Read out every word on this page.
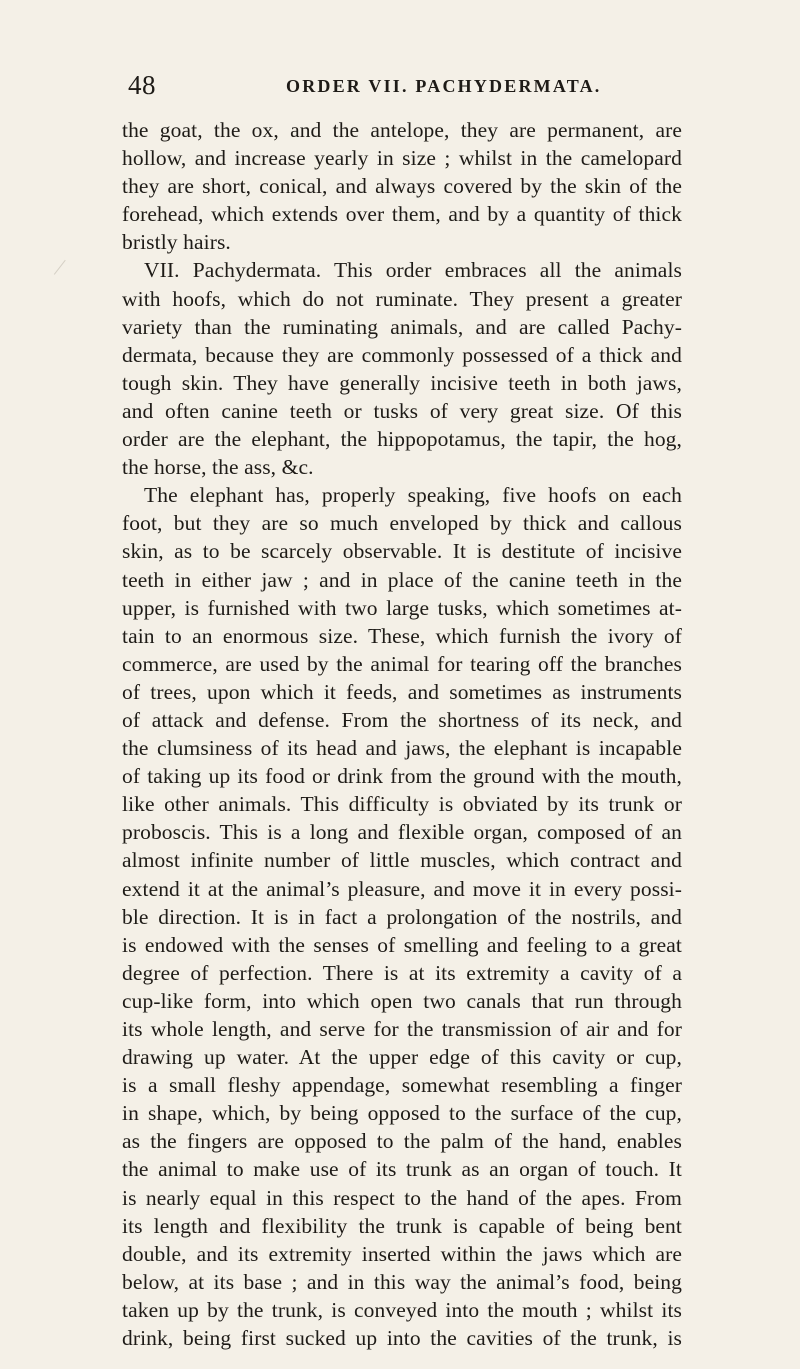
48	ORDER VII. PACHYDERMATA.
the goat, the ox, and the antelope, they are permanent, are
hollow, and increase yearly in size ; whilst in the camelopard
they are short, conical, and always covered by the skin of the
forehead, which extends over them, and by a quantity of thick
bristly hairs.
VII. Pachydermata. This order embraces all the animals
with hoofs, which do not ruminate. They present a greater
variety than the ruminating animals, and are called Pachy-
dermata, because they are commonly possessed of a thick and
tough skin. They have generally incisive teeth in both jaws,
and often canine teeth or tusks of very great size. Of this
order are the elephant, the hippopotamus, the tapir, the hog,
the horse, the ass, &c.
The elephant has, properly speaking, five hoofs on each
foot, but they are so much enveloped by thick and callous
skin, as to be scarcely observable. It is destitute of incisive
teeth in either jaw ; and in place of the canine teeth in the
upper, is furnished with two large tusks, which sometimes at-
tain to an enormous size. These, which furnish the ivory of
commerce, are used by the animal for tearing off the branches
of trees, upon which it feeds, and sometimes as instruments
of attack and defense. From the shortness of its neck, and
the clumsiness of its head and jaws, the elephant is incapable
of taking up its food or drink from the ground with the mouth,
like other animals. This difficulty is obviated by its trunk or
proboscis. This is a long and flexible organ, composed of an
almost infinite number of little muscles, which contract and
extend it at the animal’s pleasure, and move it in every possi-
ble direction. It is in fact a prolongation of the nostrils, and
is endowed with the senses of smelling and feeling to a great
degree of perfection. There is at its extremity a cavity of a
cup-like form, into which open two canals that run through
its whole length, and serve for the transmission of air and for
drawing up water. At the upper edge of this cavity or cup,
is a small fleshy appendage, somewhat resembling a finger
in shape, which, by being opposed to the surface of the cup,
as the fingers are opposed to the palm of the hand, enables
the animal to make use of its trunk as an organ of touch. It
is nearly equal in this respect to the hand of the apes. From
its length and flexibility the trunk is capable of being bent
double, and its extremity inserted within the jaws which are
below, at its base ; and in this way the animal’s food, being
taken up by the trunk, is conveyed into the mouth ; whilst its
drink, being first sucked up into the cavities of the trunk, is
